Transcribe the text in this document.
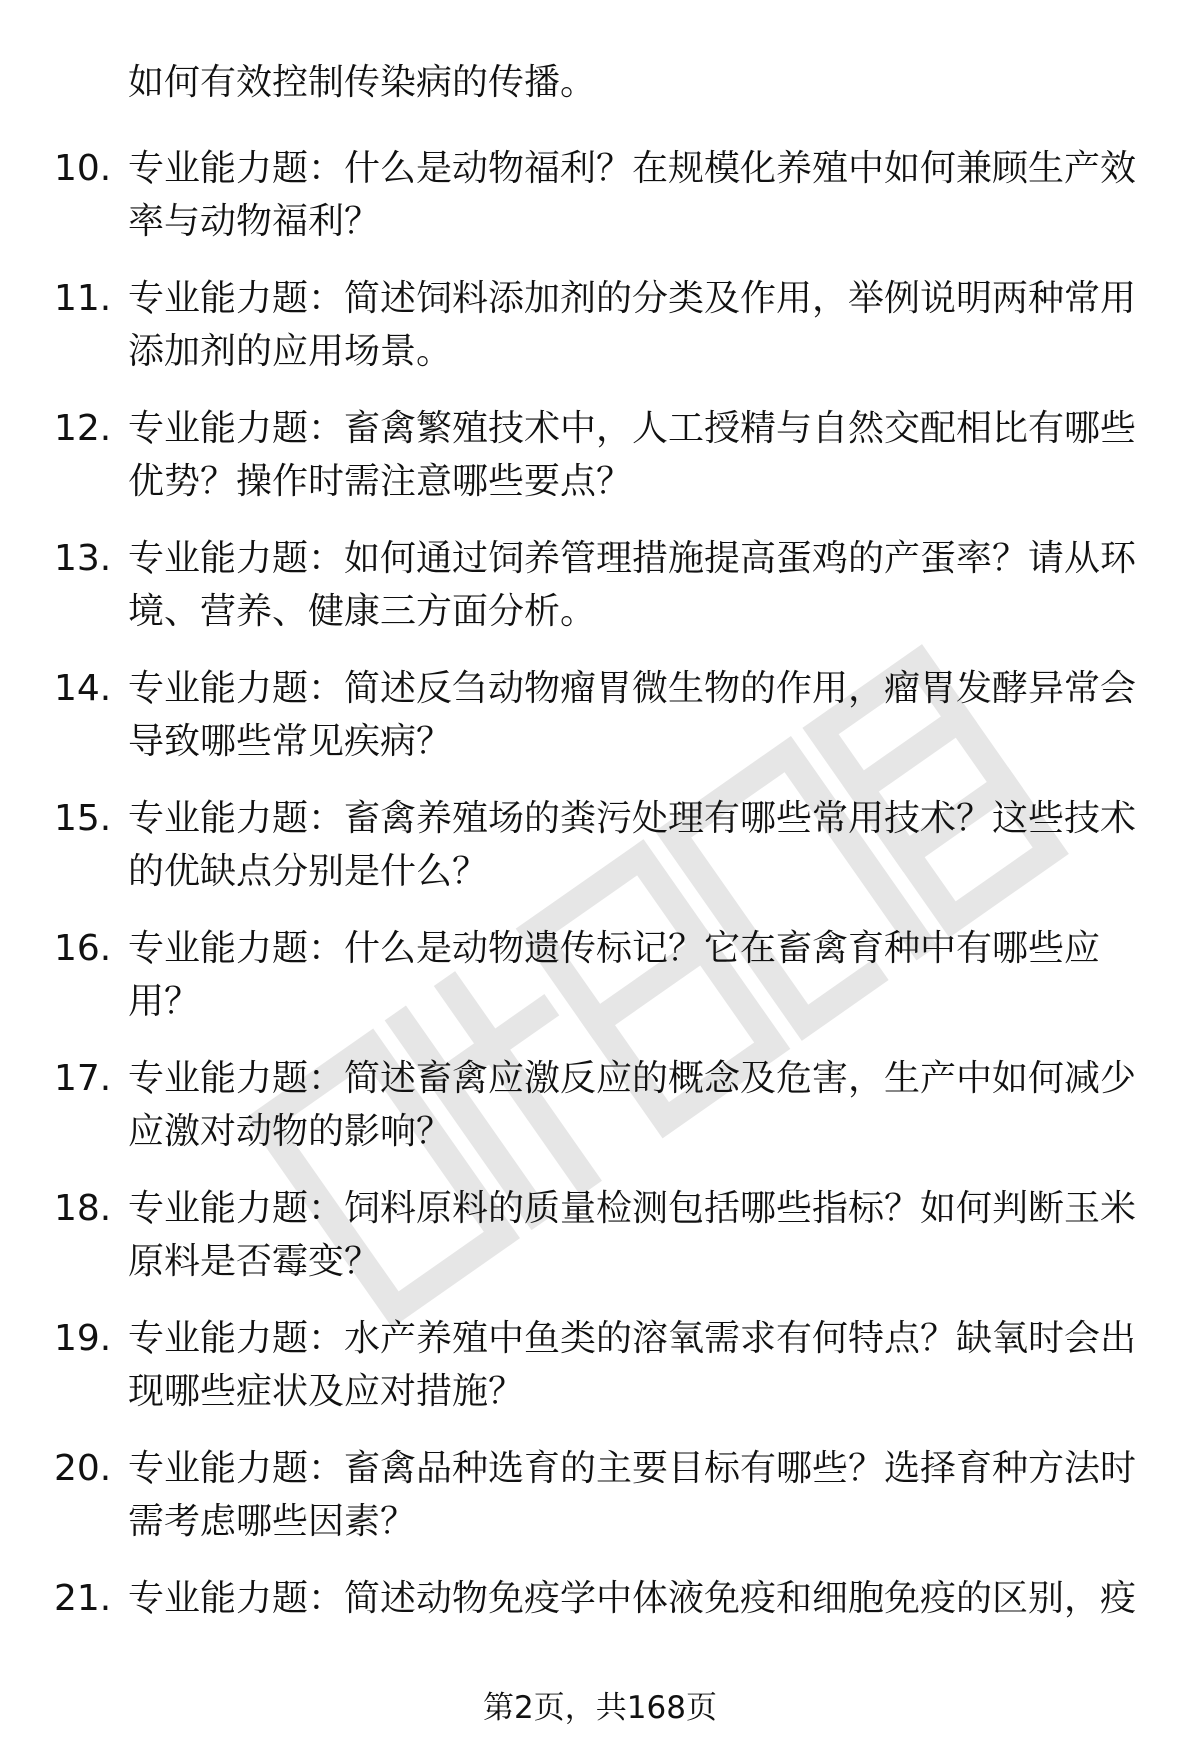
如何有效控制传染病的传播。
10. 专业能力题：什么是动物福利？在规模化养殖中如何兼顾生产效
率与动物福利？
11. 专业能力题：简述饲料添加剂的分类及作用，举例说明两种常用
添加剂的应用场景。
12. 专业能力题：畜禽繁殖技术中，人工授精与自然交配相比有哪些
优势？操作时需注意哪些要点？
13. 专业能力题：如何通过饲养管理措施提高蛋鸡的产蛋率？请从环
境、营养、健康三方面分析。
14. 专业能力题：简述反刍动物瘤胃微生物的作用，瘤胃发酵异常会
导致哪些常见疾病？
15. 专业能力题：畜禽养殖场的粪污处理有哪些常用技术？这些技术
的优缺点分别是什么？
16. 专业能力题：什么是动物遗传标记？它在畜禽育种中有哪些应
用？
17. 专业能力题：简述畜禽应激反应的概念及危害，生产中如何减少
应激对动物的影响？
18. 专业能力题：饲料原料的质量检测包括哪些指标？如何判断玉米
原料是否霉变？
19. 专业能力题：水产养殖中鱼类的溶氧需求有何特点？缺氧时会出
现哪些症状及应对措施？
20. 专业能力题：畜禽品种选育的主要目标有哪些？选择育种方法时
需考虑哪些因素？
21. 专业能力题：简述动物免疫学中体液免疫和细胞免疫的区别，疫
第2页，共168页
